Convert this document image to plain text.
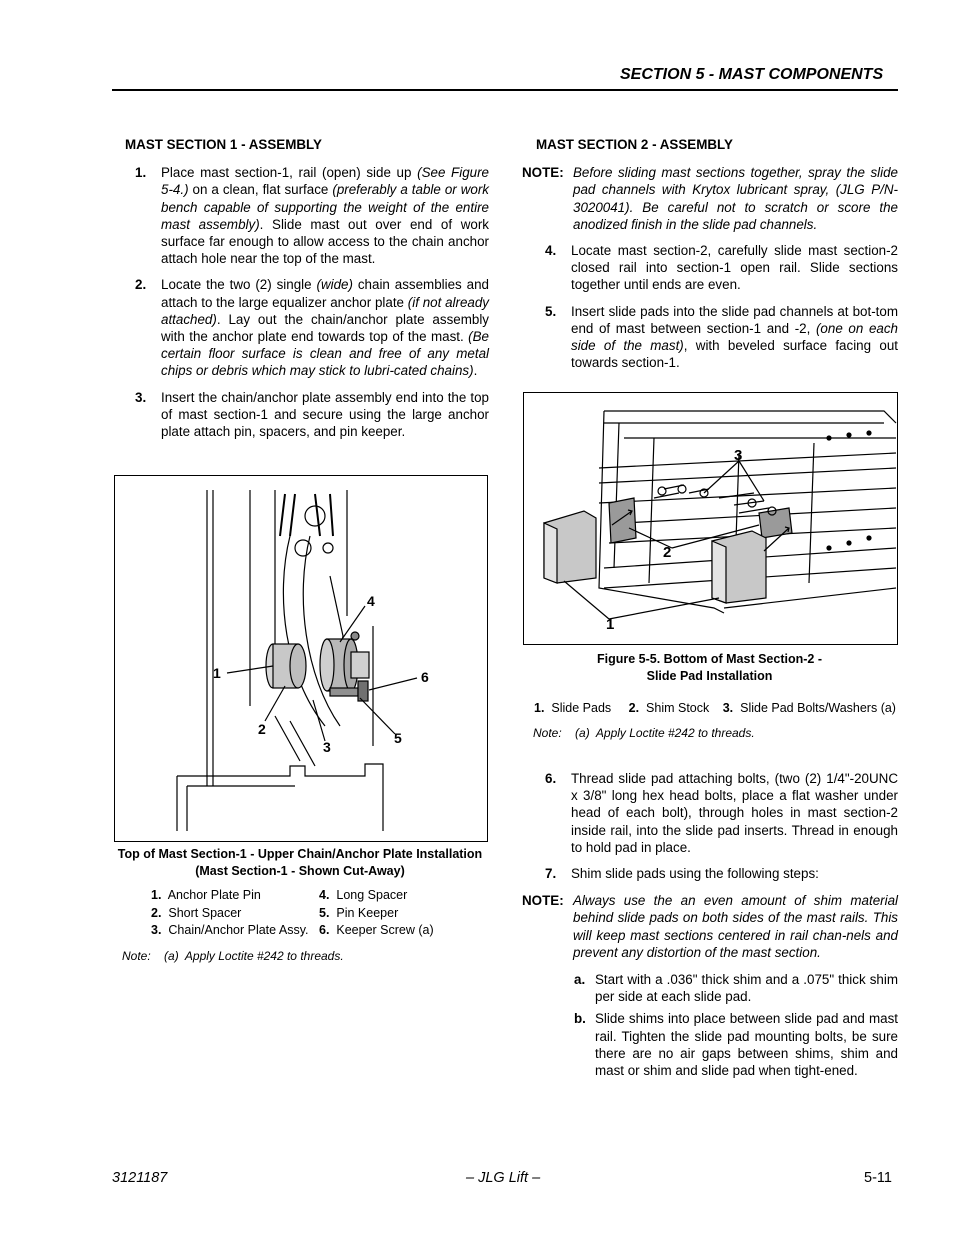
SECTION 5 - MAST COMPONENTS
MAST SECTION 1 - ASSEMBLY

1. Place mast section-1, rail (open) side up (See Figure 5-4.) on a clean, flat surface (preferably a table or work bench capable of supporting the weight of the entire mast assembly). Slide mast out over end of work surface far enough to allow access to the chain anchor attach hole near the top of the mast.

2. Locate the two (2) single (wide) chain assemblies and attach to the large equalizer anchor plate (if not already attached). Lay out the chain/anchor plate assembly with the anchor plate end towards top of the mast. (Be certain floor surface is clean and free of any metal chips or debris which may stick to lubri-cated chains).

3. Insert the chain/anchor plate assembly end into the top of mast section-1 and secure using the large anchor plate attach pin, spacers, and pin keeper.

1
2
3
4
5
6
Top of Mast Section-1 - Upper Chain/Anchor Plate Installation
(Mast Section-1 - Shown Cut-Away)
1. Anchor Plate Pin	4. Long Spacer
2. Short Spacer	5. Pin Keeper
3. Chain/Anchor Plate Assy. 6. Keeper Screw (a)
Note:    (a)  Apply Loctite #242 to threads.
MAST SECTION 2 - ASSEMBLY
NOTE: Before sliding mast sections together, spray the slide pad channels with Krytox lubricant spray, (JLG P/N-3020041). Be careful not to scratch or score the anodized finish in the slide pad channels.

4. Locate mast section-2, carefully slide mast section-2 closed rail into section-1 open rail. Slide sections together until ends are even.

5. Insert slide pads into the slide pad channels at bot-tom end of mast between section-1 and -2, (one on each side of the mast), with beveled surface facing out towards section-1.

1
2
3
Figure 5-5. Bottom of Mast Section-2 -
Slide Pad Installation
1. Slide Pads 2. Shim Stock 3. Slide Pad Bolts/Washers (a)
Note:    (a)  Apply Loctite #242 to threads.

6. Thread slide pad attaching bolts, (two (2) 1/4"-20UNC x 3/8" long hex head bolts, place a flat washer under head of each bolt), through holes in mast section-2 inside rail, into the slide pad inserts. Thread in enough to hold pad in place.

7. Shim slide pads using the following steps:

NOTE: Always use the an even amount of shim material behind slide pads on both sides of the mast rails. This will keep mast sections centered in rail chan-nels and prevent any distortion of the mast section.
a. Start with a .036" thick shim and a .075" thick shim per side at each slide pad.
b. Slide shims into place between slide pad and mast rail. Tighten the slide pad mounting bolts, be sure there are no air gaps between shims, shim and mast or shim and slide pad when tight-ened.
3121187	– JLG Lift –	5-11
